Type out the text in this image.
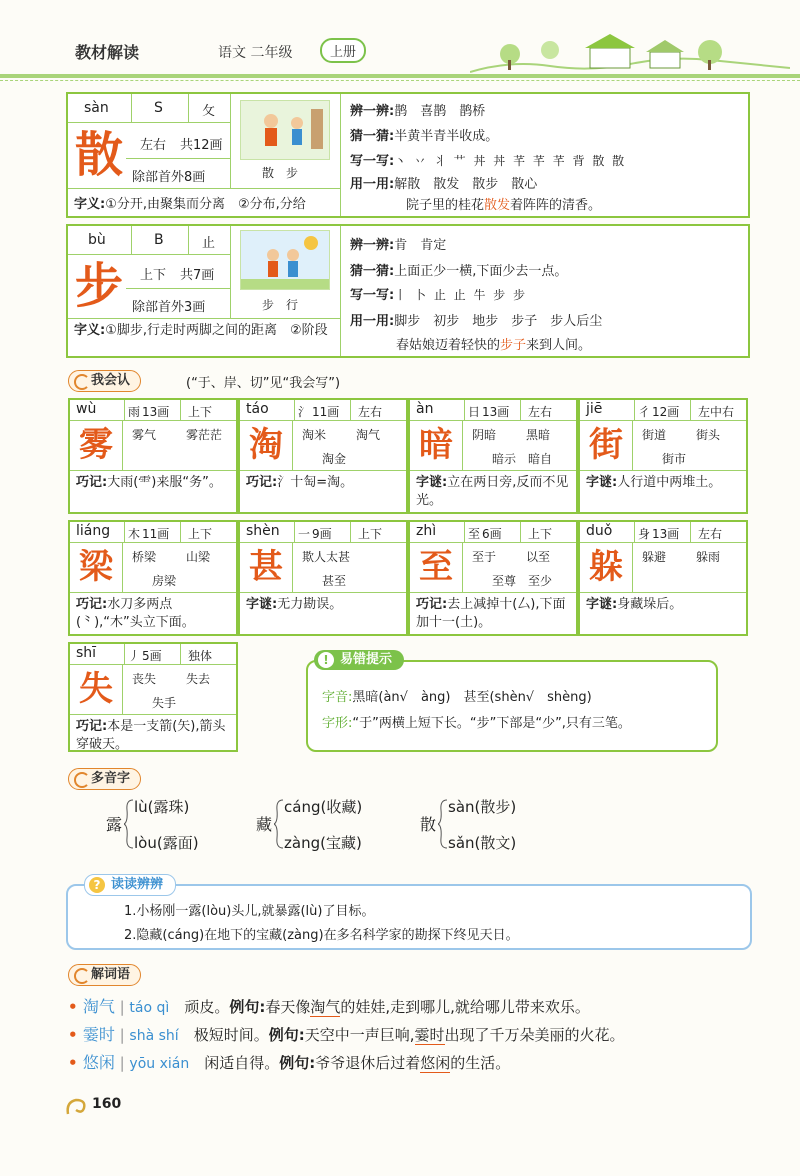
教材解读	语文 二年级	上册
sàn	S	攵
散	左右 共12画
除部首外8画	散　步
字义:①分开,由聚集而分离　②分布,分给
辨一辨:鹊　喜鹊　鹊桥
猜一猜:半黄半青半收成。
写一写:丶 丷 丬 艹 丼 丼 芊 芊 芊 背 散 散
用一用:解散　散发　散步　散心
院子里的桂花散发着阵阵的清香。
bù	B	止
步	上下 共7画
除部首外3画	步　行
字义:①脚步,行走时两脚之间的距离　②阶段
辨一辨:肯　肯定
猜一猜:上面正少一横,下面少去一点。
写一写:丨 卜 止 止 牛 步 步
用一用:脚步　初步　地步　步子　步人后尘
春姑娘迈着轻快的步子来到人间。
我会认	(“于、岸、切”见“我会写”)
wù	雨 13画 上下
雾	雾气 雾茫茫
巧记:大雨(⻗)来服“务”。
táo 氵 11画 左右
淘	淘米 淘气
淘金
巧记:氵十匋=淘。
àn	日 13画 左右
暗	阴暗 黑暗
暗示　暗自
字谜:立在两日旁,反而不见光。
jiē	彳 12画 左中右
街	街道 街头
街市
字谜:人行道中两堆土。
liáng 木 11画 上下
梁	桥梁 山梁
房梁
巧记:水刀多两点(⺀),“木”头立下面。
shèn 一 9画 上下
甚	欺人太甚
甚至
字谜:无力勘误。
zhì	至 6画 上下
至	至于 以至
至尊　至少
巧记:去上减掉十(厶),下面加十一(土)。
duǒ 身 13画 左右
躲	躲避 躲雨
字谜:身藏垛后。
shī	丿 5画 独体
失	丧失 失去
失手
巧记:本是一支箭(矢),箭头穿破天。
字音:黑暗(àn√　àng)　甚至(shèn√　shèng)
字形:“于”两横上短下长。“步”下部是“少”,只有三笔。
! 易错提示
多音字
露
lù(露珠)
lòu(露面)
藏
cáng(收藏)
zàng(宝藏)
散
sàn(散步)
sǎn(散文)
1.小杨刚一露(lòu)头儿,就暴露(lù)了目标。
2.隐藏(cáng)在地下的宝藏(zàng)在多名科学家的勘探下终见天日。
? 读读辨辨
解词语
• 淘气 | táo qì　 顽皮。例句:春天像淘气的娃娃,走到哪儿,就给哪儿带来欢乐。
• 霎时 | shà shí　 极短时间。例句:天空中一声巨响,霎时出现了千万朵美丽的火花。
• 悠闲 | yōu xián　 闲适自得。例句:爷爷退休后过着悠闲的生活。
160
